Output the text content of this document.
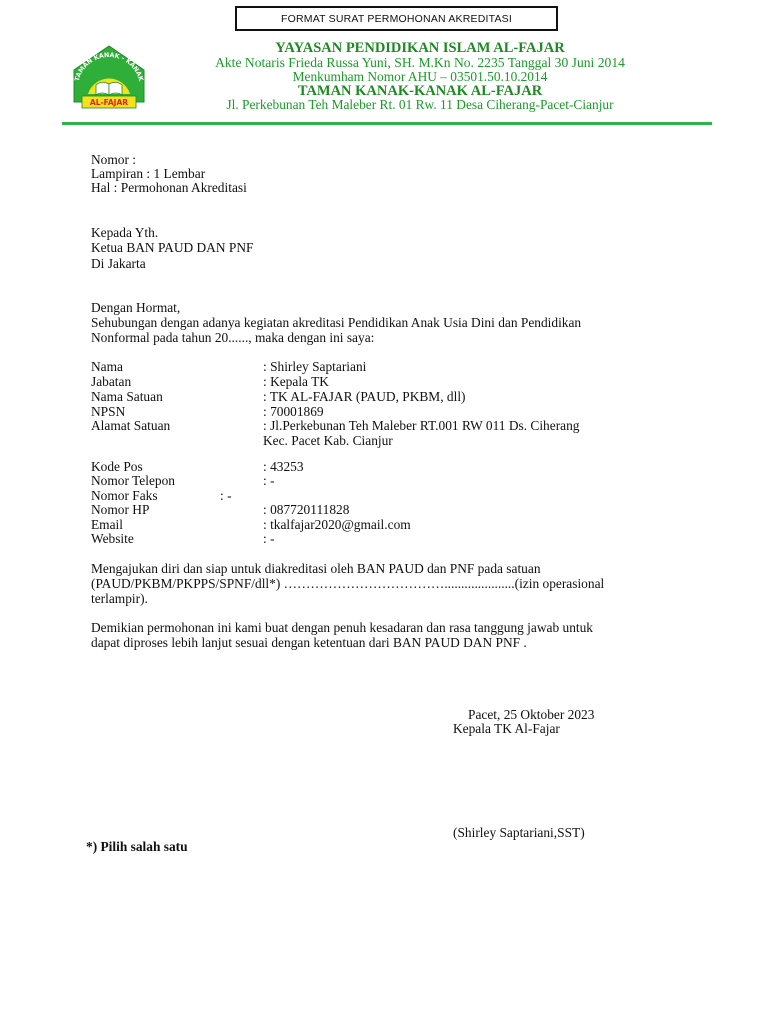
FORMAT SURAT PERMOHONAN AKREDITASI
TAMAN KANAK - KANAK
AL-FAJAR
YAYASAN PENDIDIKAN ISLAM AL-FAJAR
Akte Notaris Frieda Russa Yuni, SH. M.Kn No. 2235 Tanggal 30 Juni 2014
Menkumham Nomor AHU – 03501.50.10.2014
TAMAN KANAK-KANAK AL-FAJAR
Jl. Perkebunan Teh Maleber Rt. 01 Rw. 11 Desa Ciherang-Pacet-Cianjur
Nomor :
Lampiran : 1 Lembar
Hal : Permohonan Akreditasi
Kepada Yth.
Ketua BAN PAUD DAN PNF
Di Jakarta
Dengan Hormat,
Sehubungan dengan adanya kegiatan akreditasi Pendidikan Anak Usia Dini dan Pendidikan
Nonformal pada tahun 20......, maka dengan ini saya:
Nama	: Shirley Saptariani
Jabatan	: Kepala TK
Nama Satuan	: TK AL-FAJAR (PAUD, PKBM, dll)
NPSN	: 70001869
Alamat Satuan	: Jl.Perkebunan Teh Maleber RT.001 RW 011 Ds. Ciherang
Kec. Pacet Kab. Cianjur
Kode Pos	: 43253
Nomor Telepon	: -
Nomor Faks	: -
Nomor HP	: 087720111828
Email	: tkalfajar2020@gmail.com
Website	: -
Mengajukan diri dan siap untuk diakreditasi oleh BAN PAUD dan PNF pada satuan
(PAUD/PKBM/PKPPS/SPNF/dll*) ……………………………….....................(izin operasional
terlampir).
Demikian permohonan ini kami buat dengan penuh kesadaran dan rasa tanggung jawab untuk
dapat diproses lebih lanjut sesuai dengan ketentuan dari BAN PAUD DAN PNF .
Pacet, 25 Oktober 2023
Kepala TK Al-Fajar
(Shirley Saptariani,SST)
*) Pilih salah satu
